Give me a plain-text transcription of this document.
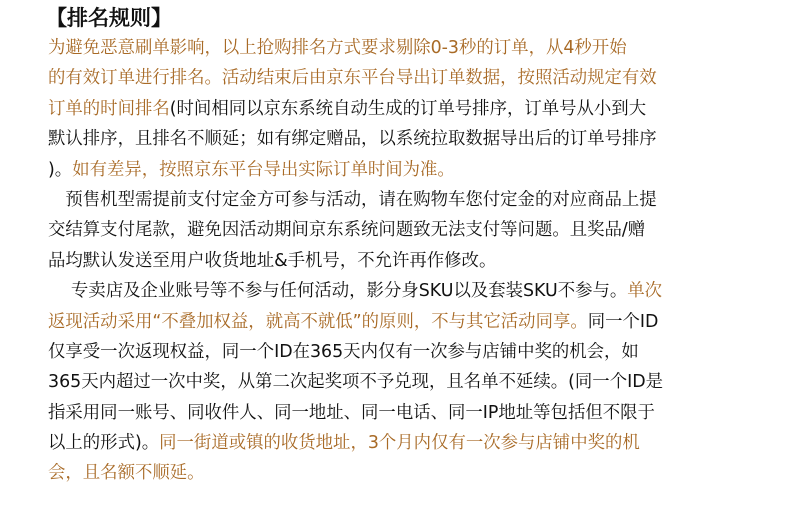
【排名规则】
为避免恶意刷单影响，以上抢购排名方式要求剔除0-3秒的订单，从4秒开始
的有效订单进行排名。活动结束后由京东平台导出订单数据，按照活动规定有效
订单的时间排名(时间相同以京东系统自动生成的订单号排序，订单号从小到大
默认排序，且排名不顺延；如有绑定赠品，以系统拉取数据导出后的订单号排序
)。如有差异，按照京东平台导出实际订单时间为准。
　预售机型需提前支付定金方可参与活动，请在购物车您付定金的对应商品上提
交结算支付尾款，避免因活动期间京东系统问题致无法支付等问题。且奖品/赠
品均默认发送至用户收货地址&手机号，不允许再作修改。
　 专卖店及企业账号等不参与任何活动，影分身SKU以及套装SKU不参与。单次
返现活动采用“不叠加权益，就高不就低”的原则，不与其它活动同享。同一个ID
仅享受一次返现权益，同一个ID在365天内仅有一次参与店铺中奖的机会，如
365天内超过一次中奖，从第二次起奖项不予兑现，且名单不延续。(同一个ID是
指采用同一账号、同收件人、同一地址、同一电话、同一IP地址等包括但不限于
以上的形式)。同一街道或镇的收货地址，3个月内仅有一次参与店铺中奖的机
会，且名额不顺延。
